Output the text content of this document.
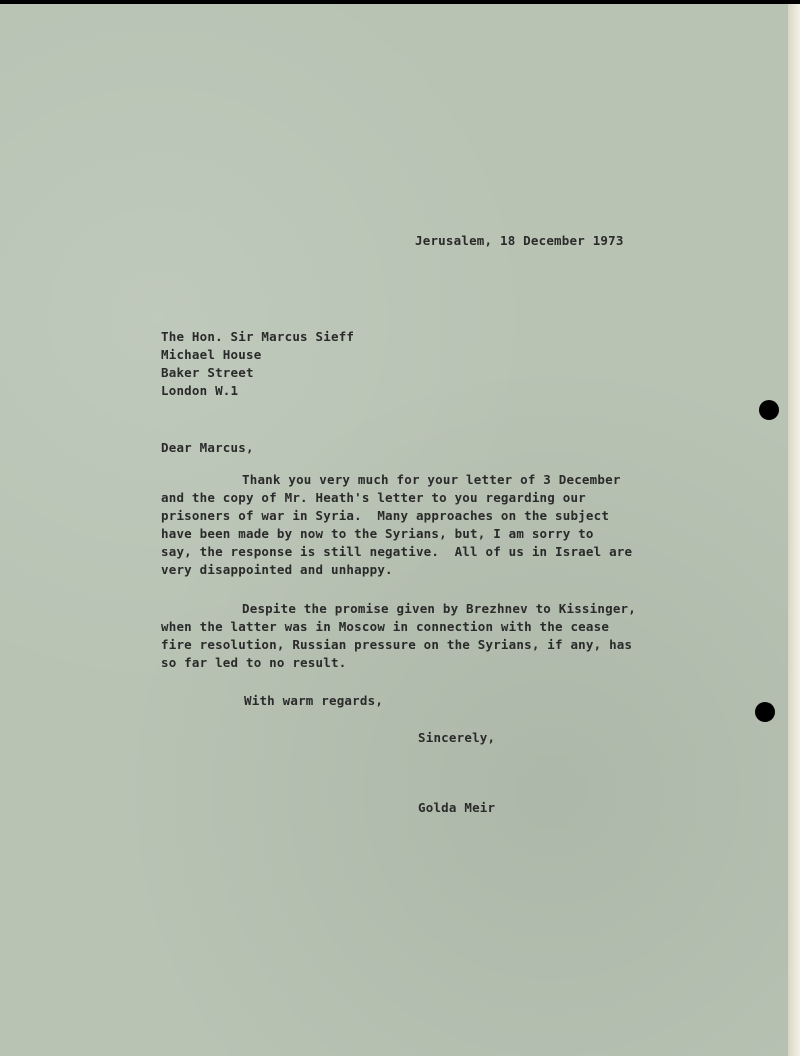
Jerusalem, 18 December 1973
The Hon. Sir Marcus Sieff
Michael House
Baker Street
London W.1
Dear Marcus,
Thank you very much for your letter of 3 December
and the copy of Mr. Heath's letter to you regarding our
prisoners of war in Syria.  Many approaches on the subject
have been made by now to the Syrians, but, I am sorry to
say, the response is still negative.  All of us in Israel are
very disappointed and unhappy.
Despite the promise given by Brezhnev to Kissinger,
when the latter was in Moscow in connection with the cease
fire resolution, Russian pressure on the Syrians, if any, has
so far led to no result.
With warm regards,
Sincerely,
Golda Meir
